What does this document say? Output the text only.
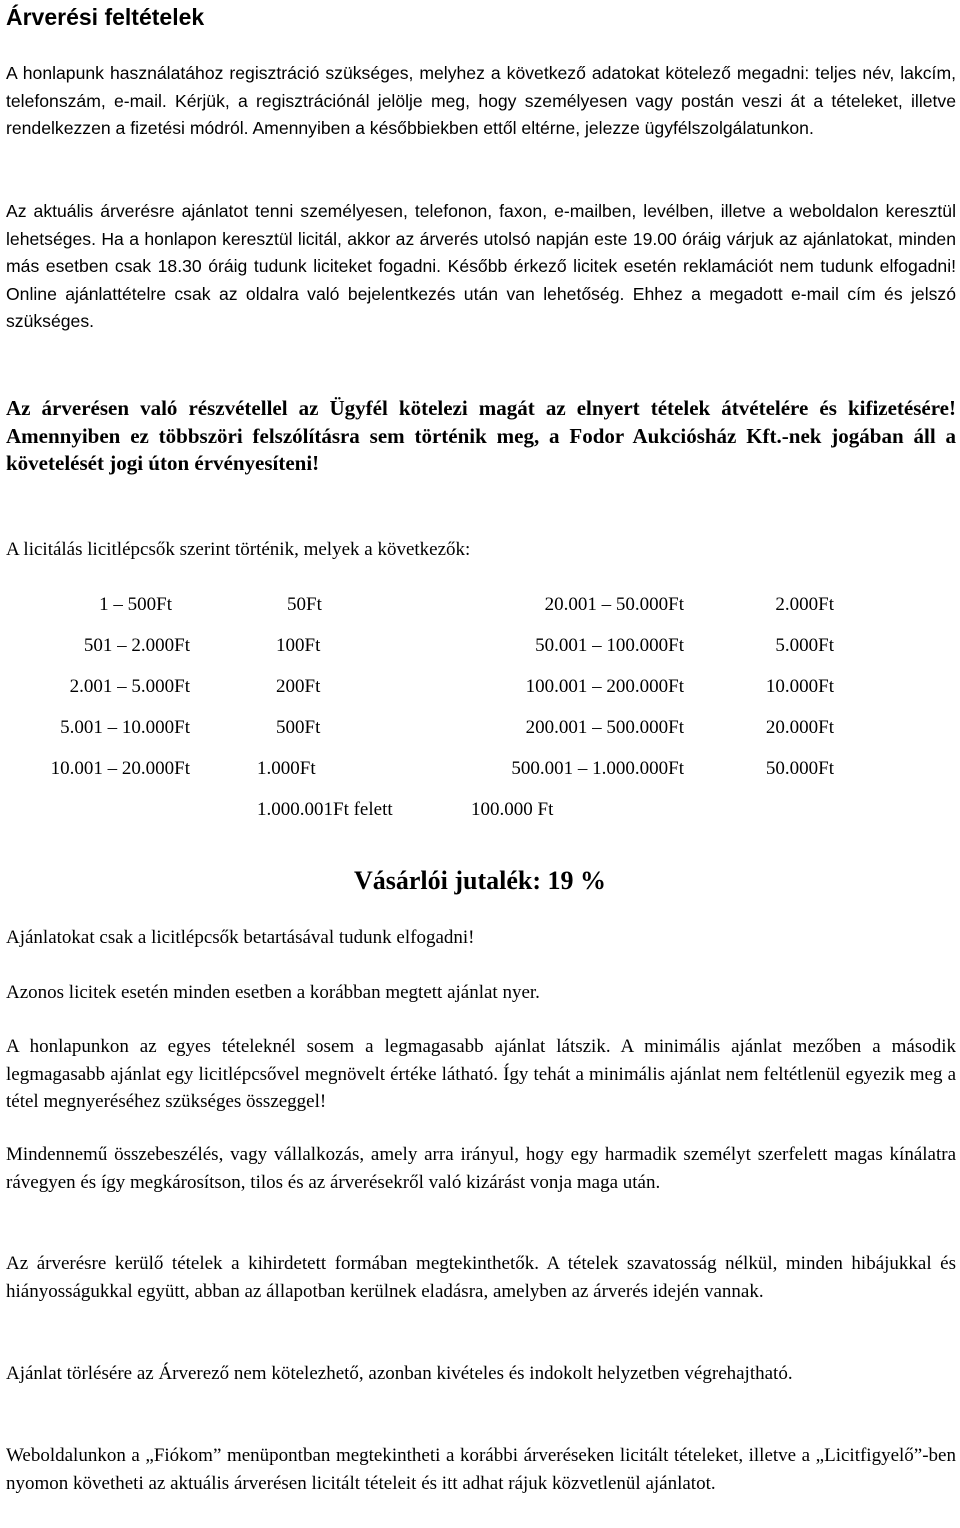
Árverési feltételek

A honlapunk használatához regisztráció szükséges, melyhez a következő adatokat kötelező megadni: teljes név, lakcím, telefonszám, e-mail. Kérjük, a regisztrációnál jelölje meg, hogy személyesen vagy postán veszi át a tételeket, illetve rendelkezzen a fizetési módról. Amennyiben a későbbiekben ettől eltérne, jelezze ügyfélszolgálatunkon.

Az aktuális árverésre ajánlatot tenni személyesen, telefonon, faxon, e-mailben, levélben, illetve a weboldalon keresztül lehetséges. Ha a honlapon keresztül licitál, akkor az árverés utolsó napján este 19.00 óráig várjuk az ajánlatokat, minden más esetben csak 18.30 óráig tudunk liciteket fogadni. Később érkező licitek esetén reklamációt nem tudunk elfogadni! Online ajánlattételre csak az oldalra való bejelentkezés után van lehetőség. Ehhez a megadott e-mail cím és jelszó szükséges.

Az árverésen való részvétellel az Ügyfél kötelezi magát az elnyert tételek átvételére és kifizetésére! Amennyiben ez többszöri felszólításra sem történik meg, a Fodor Aukciósház Kft.-nek jogában áll a követelését jogi úton érvényesíteni!

A licitálás licitlépcsők szerint történik, melyek a következők:

1 – 500Ft	50Ft	20.001 – 50.000Ft	2.000Ft
501 – 2.000Ft	100Ft	50.001 – 100.000Ft	5.000Ft
2.001 – 5.000Ft	200Ft	100.001 – 200.000Ft	10.000Ft
5.001 – 10.000Ft	500Ft	200.001 – 500.000Ft	20.000Ft
10.001 – 20.000Ft	1.000Ft	500.001 – 1.000.000Ft	50.000Ft
1.000.001Ft felett	100.000 Ft
Vásárlói jutalék: 19 %

Ajánlatokat csak a licitlépcsők betartásával tudunk elfogadni!

Azonos licitek esetén minden esetben a korábban megtett ajánlat nyer.

A honlapunkon az egyes tételeknél sosem a legmagasabb ajánlat látszik. A minimális ajánlat mezőben a második legmagasabb ajánlat egy licitlépcsővel megnövelt értéke látható. Így tehát a minimális ajánlat nem feltétlenül egyezik meg a tétel megnyeréséhez szükséges összeggel!

Mindennemű összebeszélés, vagy vállalkozás, amely arra irányul, hogy egy harmadik személyt szerfelett magas kínálatra rávegyen és így megkárosítson, tilos és az árverésekről való kizárást vonja maga után.

Az árverésre kerülő tételek a kihirdetett formában megtekinthetők. A tételek szavatosság nélkül, minden hibájukkal és hiányosságukkal együtt, abban az állapotban kerülnek eladásra, amelyben az árverés idején vannak.

Ajánlat törlésére az Árverező nem kötelezhető, azonban kivételes és indokolt helyzetben végrehajtható.

Weboldalunkon a „Fiókom” menüpontban megtekintheti a korábbi árveréseken licitált tételeket, illetve a „Licitfigyelő”-ben nyomon követheti az aktuális árverésen licitált tételeit és itt adhat rájuk közvetlenül ajánlatot.
